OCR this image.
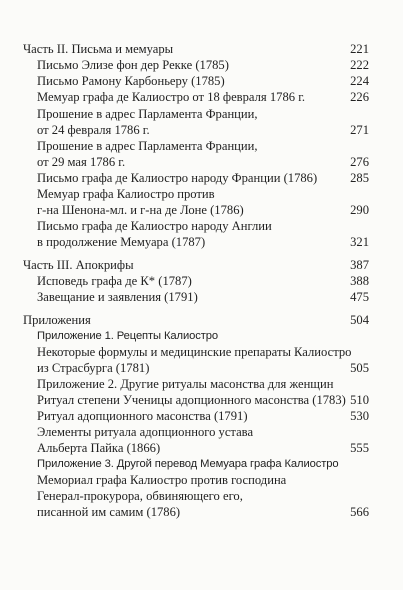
Часть II. Письма и мемуары	221
Письмо Элизе фон дер Рекке (1785)	222
Письмо Рамону Карбоньеру (1785)	224
Мемуар графа де Калиостро от 18 февраля 1786 г.	226
Прошение в адрес Парламента Франции,
от 24 февраля 1786 г.	271
Прошение в адрес Парламента Франции,
от 29 мая 1786 г.	276
Письмо графа де Калиостро народу Франции (1786)	285
Мемуар графа Калиостро против
г-на Шенона-мл. и г-на де Лоне (1786)	290
Письмо графа де Калиостро народу Англии
в продолжение Мемуара (1787)	321
Часть III. Апокрифы	387
Исповедь графа де К* (1787)	388
Завещание и заявления (1791)	475
Приложения	504
Приложение 1. Рецепты Калиостро
Некоторые формулы и медицинские препараты Калиостро
из Страсбурга (1781)	505
Приложение 2. Другие ритуалы масонства для женщин
Ритуал степени Ученицы адопционного масонства (1783) 510
Ритуал адопционного масонства (1791)	530
Элементы ритуала адопционного устава
Альберта Пайка (1866)	555
Приложение 3. Другой перевод Мемуара графа Калиостро
Мемориал графа Калиостро против господина
Генерал-прокурора, обвиняющего его,
писанной им самим (1786)	566
